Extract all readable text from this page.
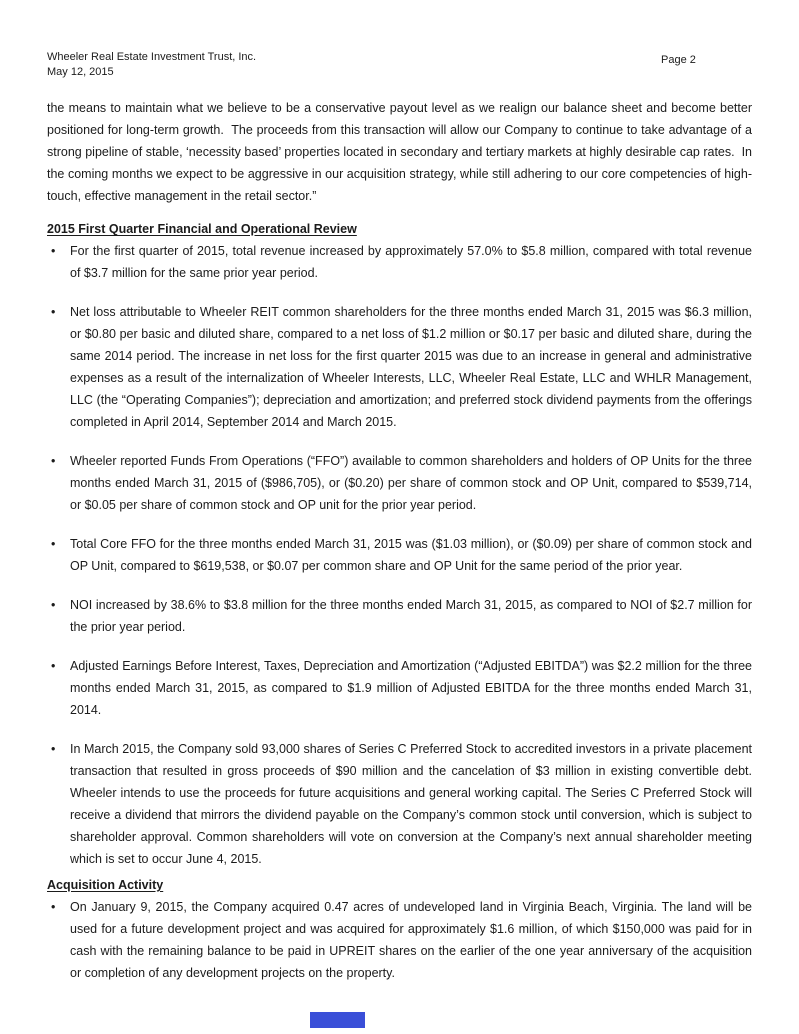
Wheeler Real Estate Investment Trust, Inc.
May 12, 2015
Page 2

the means to maintain what we believe to be a conservative payout level as we realign our balance sheet and become better positioned for long-term growth.  The proceeds from this transaction will allow our Company to continue to take advantage of a strong pipeline of stable, ‘necessity based’ properties located in secondary and tertiary markets at highly desirable cap rates.  In the coming months we expect to be aggressive in our acquisition strategy, while still adhering to our core competencies of high-touch, effective management in the retail sector.”

2015 First Quarter Financial and Operational Review
•	For the first quarter of 2015, total revenue increased by approximately 57.0% to $5.8 million, compared with total revenue of $3.7 million for the same prior year period.
•	Net loss attributable to Wheeler REIT common shareholders for the three months ended March 31, 2015 was $6.3 million, or $0.80 per basic and diluted share, compared to a net loss of $1.2 million or $0.17 per basic and diluted share, during the same 2014 period. The increase in net loss for the first quarter 2015 was due to an increase in general and administrative expenses as a result of the internalization of Wheeler Interests, LLC, Wheeler Real Estate, LLC and WHLR Management, LLC (the “Operating Companies”); depreciation and amortization; and preferred stock dividend payments from the offerings completed in April 2014, September 2014 and March 2015.
•	Wheeler reported Funds From Operations (“FFO”) available to common shareholders and holders of OP Units for the three months ended March 31, 2015 of ($986,705), or ($0.20) per share of common stock and OP Unit, compared to $539,714, or $0.05 per share of common stock and OP unit for the prior year period.
•	Total Core FFO for the three months ended March 31, 2015 was ($1.03 million), or ($0.09) per share of common stock and OP Unit, compared to $619,538, or $0.07 per common share and OP Unit for the same period of the prior year.
•	NOI increased by 38.6% to $3.8 million for the three months ended March 31, 2015, as compared to NOI of $2.7 million for the prior year period.
•	Adjusted Earnings Before Interest, Taxes, Depreciation and Amortization (“Adjusted EBITDA”) was $2.2 million for the three months ended March 31, 2015, as compared to $1.9 million of Adjusted EBITDA for the three months ended March 31, 2014.
•	In March 2015, the Company sold 93,000 shares of Series C Preferred Stock to accredited investors in a private placement transaction that resulted in gross proceeds of $90 million and the cancelation of $3 million in existing convertible debt. Wheeler intends to use the proceeds for future acquisitions and general working capital. The Series C Preferred Stock will receive a dividend that mirrors the dividend payable on the Company’s common stock until conversion, which is subject to shareholder approval. Common shareholders will vote on conversion at the Company’s next annual shareholder meeting which is set to occur June 4, 2015.
Acquisition Activity
•	On January 9, 2015, the Company acquired 0.47 acres of undeveloped land in Virginia Beach, Virginia. The land will be used for a future development project and was acquired for approximately $1.6 million, of which $150,000 was paid for in cash with the remaining balance to be paid in UPREIT shares on the earlier of the one year anniversary of the acquisition or completion of any development projects on the property.
